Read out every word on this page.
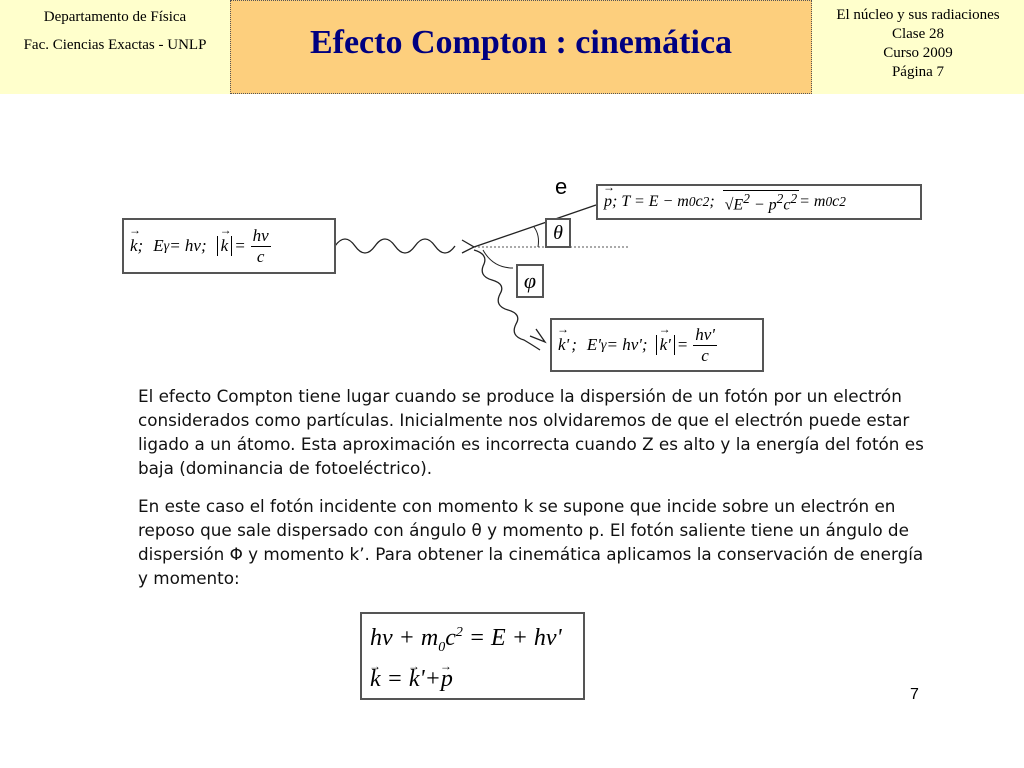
Departamento de Física
Fac. Ciencias Exactas - UNLP	Efecto Compton : cinemática
El núcleo y sus radiaciones
Clase 28
Curso 2009
Página 7
e
θ
φ
→ k ; E γ = hν; → $k = \frac{h\nu}{c}$
→ p ; T = E − m 0 c 2 ; $√E^2 - p^2c^2 = m$ 0 c 2
→ k ' ; E' γ = hν'; → $k' = \frac{h\nu'}{c}$

El efecto Compton tiene lugar cuando se produce la dispersión de un fotón por un electrón considerados como partículas. Inicialmente nos olvidaremos de que el electrón puede estar ligado a un átomo. Esta aproximación es incorrecta cuando Z es alto y la energía del fotón es baja (dominancia de fotoeléctrico).

En este caso el fotón incidente con momento k se supone que incide sobre un electrón en reposo que sale dispersado con ángulo θ y momento p. El fotón saliente tiene un ángulo de dispersión Φ y momento k’. Para obtener la cinemática aplicamos la conservación de energía y momento:

$h\nu + m_0c^2 = E + h\nu'$
→ k = → k'+→ p
7
